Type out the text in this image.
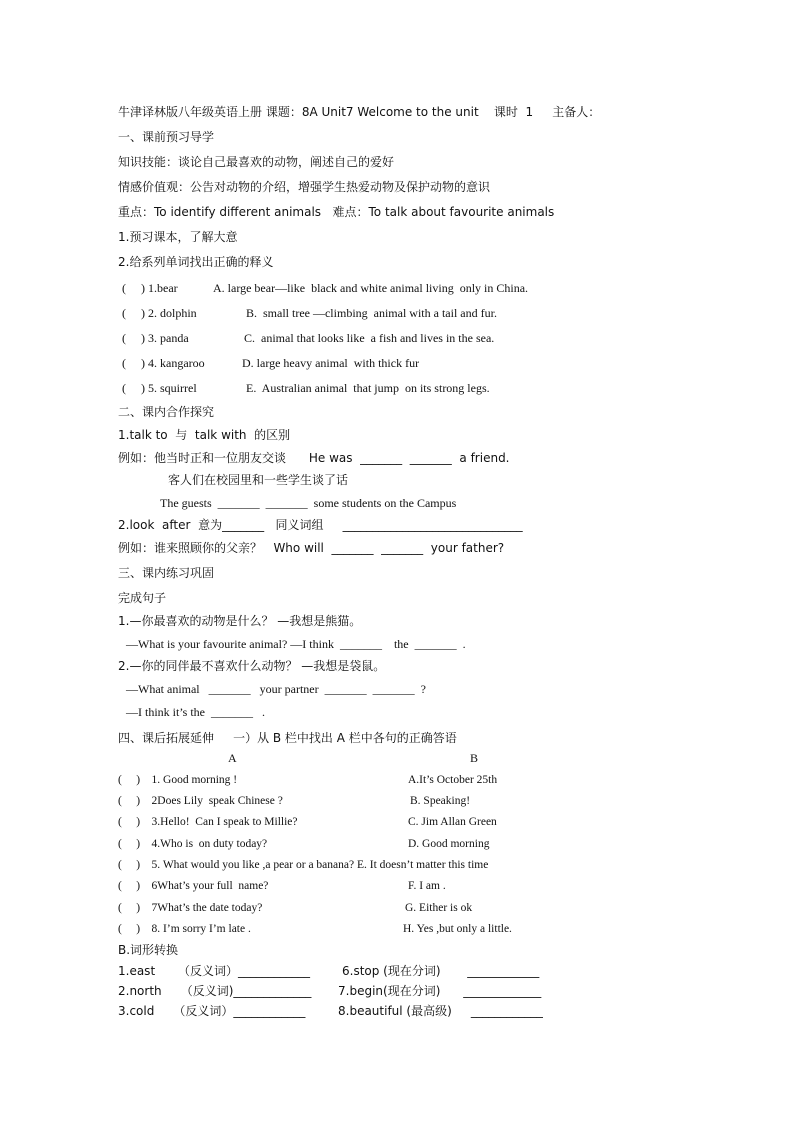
牛津译林版八年级英语上册 课题：8A Unit7 Welcome to the unit    课时  1     主备人：
一、课前预习导学
知识技能：谈论自己最喜欢的动物，阐述自己的爱好
情感价值观：公告对动物的介绍，增强学生热爱动物及保护动物的意识
重点：To identify different animals   难点：To talk about favourite animals
1.预习课本，了解大意
2.给系列单词找出正确的释义
(     ) 1.bear	A. large bear—like  black and white animal living  only in China.
(     ) 2. dolphin	B.  small tree —climbing  animal with a tail and fur.
(     ) 3. panda	C.  animal that looks like  a fish and lives in the sea.
(     ) 4. kangaroo	D. large heavy animal  with thick fur
(     ) 5. squirrel	E.  Australian animal  that jump  on its strong legs.
二、课内合作探究
1.talk to  与  talk with  的区别
例如：他当时正和一位朋友交谈      He was  _______  _______  a friend.
客人们在校园里和一些学生谈了话
The guests  _______  _______  some students on the Campus
2.look  after  意为_______   同义词组     ______________________________
例如：谁来照顾你的父亲？   Who will  _______  _______  your father?
三、课内练习巩固
完成句子
1.—你最喜欢的动物是什么？ —我想是熊猫。
—What is your favourite animal? —I think  _______    the  _______  .
2.—你的同伴最不喜欢什么动物？ —我想是袋鼠。
—What animal   _______   your partner  _______  _______  ?
—I think it’s the  _______   .
四、课后拓展延伸     一）从 B 栏中找出 A 栏中各句的正确答语
A	B
(     )    1. Good morning !	A.It’s October 25th
(     )    2Does Lily  speak Chinese ?	B. Speaking!
(     )    3.Hello!  Can I speak to Millie?	C. Jim Allan Green
(     )    4.Who is  on duty today?	D. Good morning
(     )    5. What would you like ,a pear or a banana? E. It doesn’t matter this time
(     )    6What’s your full  name?	F. I am .
(     )    7What’s the date today?	G. Either is ok
(     )    8. I’m sorry I’m late .	H. Yes ,but only a little.
B.词形转换
1.east      （反义词）____________	6.stop (现在分词)       ____________
2.north     （反义词)_____________ 7.begin(现在分词)      _____________
3.cold     （反义词）____________	8.beautiful (最高级)     ____________
